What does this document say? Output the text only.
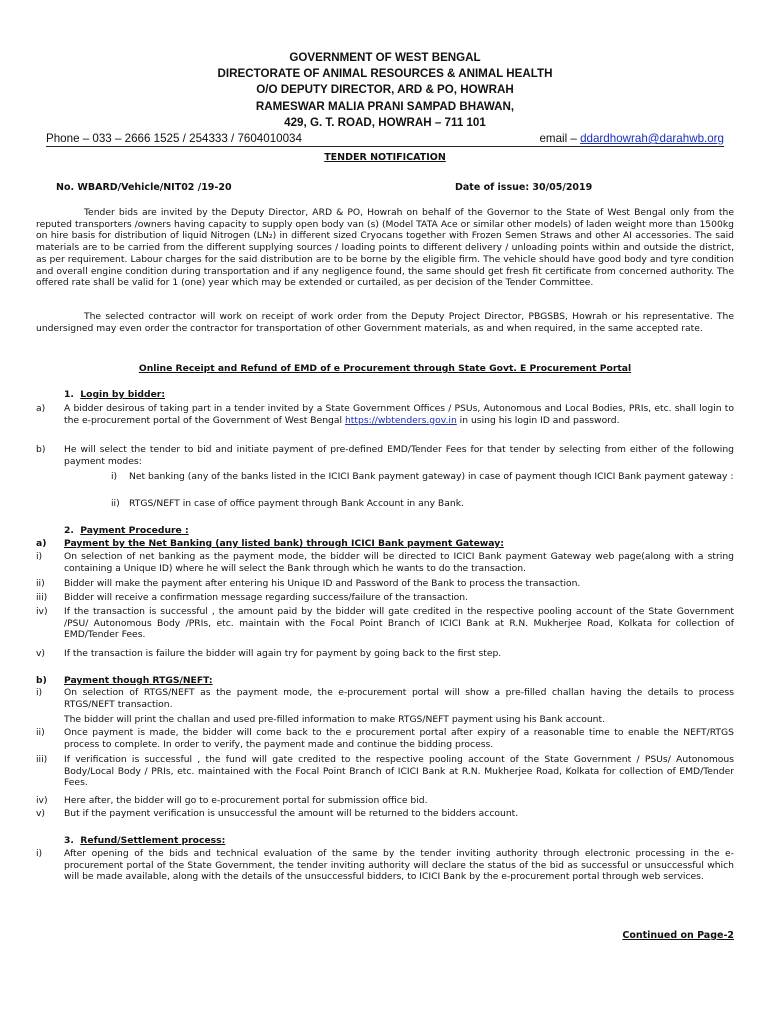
GOVERNMENT OF WEST BENGAL
DIRECTORATE OF ANIMAL RESOURCES & ANIMAL HEALTH
O/O DEPUTY DIRECTOR, ARD & PO, HOWRAH
RAMESWAR MALIA PRANI SAMPAD BHAWAN,
429, G. T. ROAD, HOWRAH – 711 101
Phone – 033 – 2666 1525 / 254333 / 7604010034	email – ddardhowrah@darahwb.org
TENDER NOTIFICATION
No. WBARD/Vehicle/NIT02 /19-20	Date of issue: 30/05/2019
Tender bids are invited by the Deputy Director, ARD & PO, Howrah on behalf of the Governor to the State of West Bengal only from the reputed transporters /owners having capacity to supply open body van (s) (Model TATA Ace or similar other models) of laden weight more than 1500kg on hire basis for distribution of liquid Nitrogen (LN₂) in different sized Cryocans together with Frozen Semen Straws and other AI accessories. The said materials are to be carried from the different supplying sources / loading points to different delivery / unloading points within and outside the district, as per requirement. Labour charges for the said distribution are to be borne by the eligible firm. The vehicle should have good body and tyre condition and overall engine condition during transportation and if any negligence found, the same should get fresh fit certificate from concerned authority. The offered rate shall be valid for 1 (one) year which may be extended or curtailed, as per decision of the Tender Committee.
The selected contractor will work on receipt of work order from the Deputy Project Director, PBGSBS, Howrah or his representative. The undersigned may even order the contractor for transportation of other Government materials, as and when required, in the same accepted rate.
Online Receipt and Refund of EMD of e Procurement through State Govt. E Procurement Portal
1. Login by bidder:
a)	A bidder desirous of taking part in a tender invited by a State Government Offices / PSUs, Autonomous and Local Bodies, PRIs, etc. shall login to the e-procurement portal of the Government of West Bengal https://wbtenders.gov.in in using his login ID and password.
b)	He will select the tender to bid and initiate payment of pre-defined EMD/Tender Fees for that tender by selecting from either of the following payment modes:
i) Net banking (any of the banks listed in the ICICI Bank payment gateway) in case of payment though ICICI Bank payment gateway :
ii) RTGS/NEFT in case of office payment through Bank Account in any Bank.
2. Payment Procedure :
a)	Payment by the Net Banking (any listed bank) through ICICI Bank payment Gateway:
i)	On selection of net banking as the payment mode, the bidder will be directed to ICICI Bank payment Gateway web page(along with a string containing a Unique ID) where he will select the Bank through which he wants to do the transaction.
ii)	Bidder will make the payment after entering his Unique ID and Password of the Bank to process the transaction.
iii)	Bidder will receive a confirmation message regarding success/failure of the transaction.
iv)	If the transaction is successful , the amount paid by the bidder will gate credited in the respective pooling account of the State Government /PSU/ Autonomous Body /PRIs, etc. maintain with the Focal Point Branch of ICICI Bank at R.N. Mukherjee Road, Kolkata for collection of EMD/Tender Fees.
v)	If the transaction is failure the bidder will again try for payment by going back to the first step.
b)	Payment though RTGS/NEFT:
i)	On selection of RTGS/NEFT as the payment mode, the e-procurement portal will show a pre-filled challan having the details to process RTGS/NEFT transaction.
The bidder will print the challan and used pre-filled information to make RTGS/NEFT payment using his Bank account.
ii)	Once payment is made, the bidder will come back to the e procurement portal after expiry of a reasonable time to enable the NEFT/RTGS process to complete. In order to verify, the payment made and continue the bidding process.
iii)	If verification is successful , the fund will gate credited to the respective pooling account of the State Government / PSUs/ Autonomous Body/Local Body / PRIs, etc. maintained with the Focal Point Branch of ICICI Bank at R.N. Mukherjee Road, Kolkata for collection of EMD/Tender Fees.
iv)	Here after, the bidder will go to e-procurement portal for submission office bid.
v)	But if the payment verification is unsuccessful the amount will be returned to the bidders account.
3. Refund/Settlement process:
i)	After opening of the bids and technical evaluation of the same by the tender inviting authority through electronic processing in the e-procurement portal of the State Government, the tender inviting authority will declare the status of the bid as successful or unsuccessful which will be made available, along with the details of the unsuccessful bidders, to ICICI Bank by the e-procurement portal through web services.
Continued on Page-2
